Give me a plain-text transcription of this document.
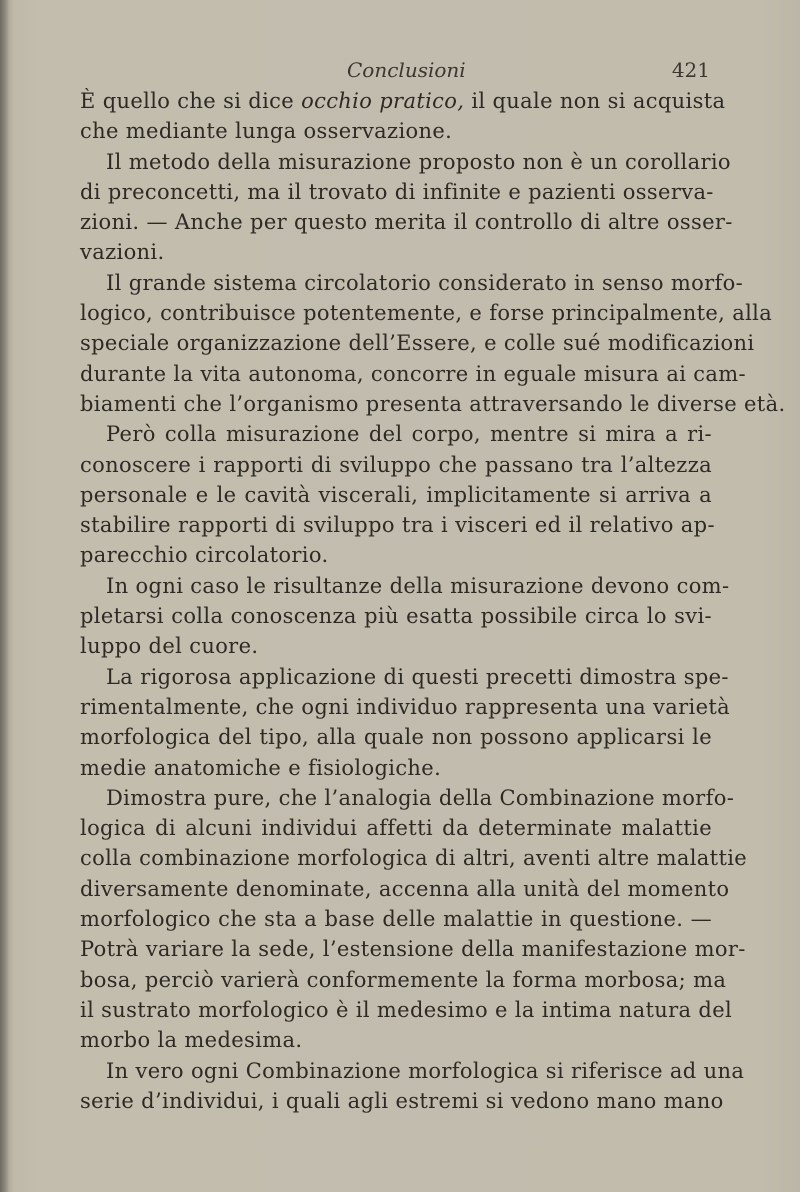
Conclusioni	421
È quello che si dice occhio pratico, il quale non si acquista
che mediante lunga osservazione.
Il metodo della misurazione proposto non è un corollario
di preconcetti, ma il trovato di infinite e pazienti osserva-
zioni. — Anche per questo merita il controllo di altre osser-
vazioni.
Il grande sistema circolatorio considerato in senso morfo-
logico, contribuisce potentemente, e forse principalmente, alla
speciale organizzazione dell’Essere, e colle sué modificazioni
durante la vita autonoma, concorre in eguale misura ai cam-
biamenti che l’organismo presenta attraversando le diverse età.
Però colla misurazione del corpo, mentre si mira a ri-
conoscere i rapporti di sviluppo che passano tra l’altezza
personale e le cavità viscerali, implicitamente si arriva a
stabilire rapporti di sviluppo tra i visceri ed il relativo ap-
parecchio circolatorio.
In ogni caso le risultanze della misurazione devono com-
pletarsi colla conoscenza più esatta possibile circa lo svi-
luppo del cuore.
La rigorosa applicazione di questi precetti dimostra spe-
rimentalmente, che ogni individuo rappresenta una varietà
morfologica del tipo, alla quale non possono applicarsi le
medie anatomiche e fisiologiche.
Dimostra pure, che l’analogia della Combinazione morfo-
logica di alcuni individui affetti da determinate malattie
colla combinazione morfologica di altri, aventi altre malattie
diversamente denominate, accenna alla unità del momento
morfologico che sta a base delle malattie in questione. —
Potrà variare la sede, l’estensione della manifestazione mor-
bosa, perciò varierà conformemente la forma morbosa; ma
il sustrato morfologico è il medesimo e la intima natura del
morbo la medesima.
In vero ogni Combinazione morfologica si riferisce ad una
serie d’individui, i quali agli estremi si vedono mano mano
